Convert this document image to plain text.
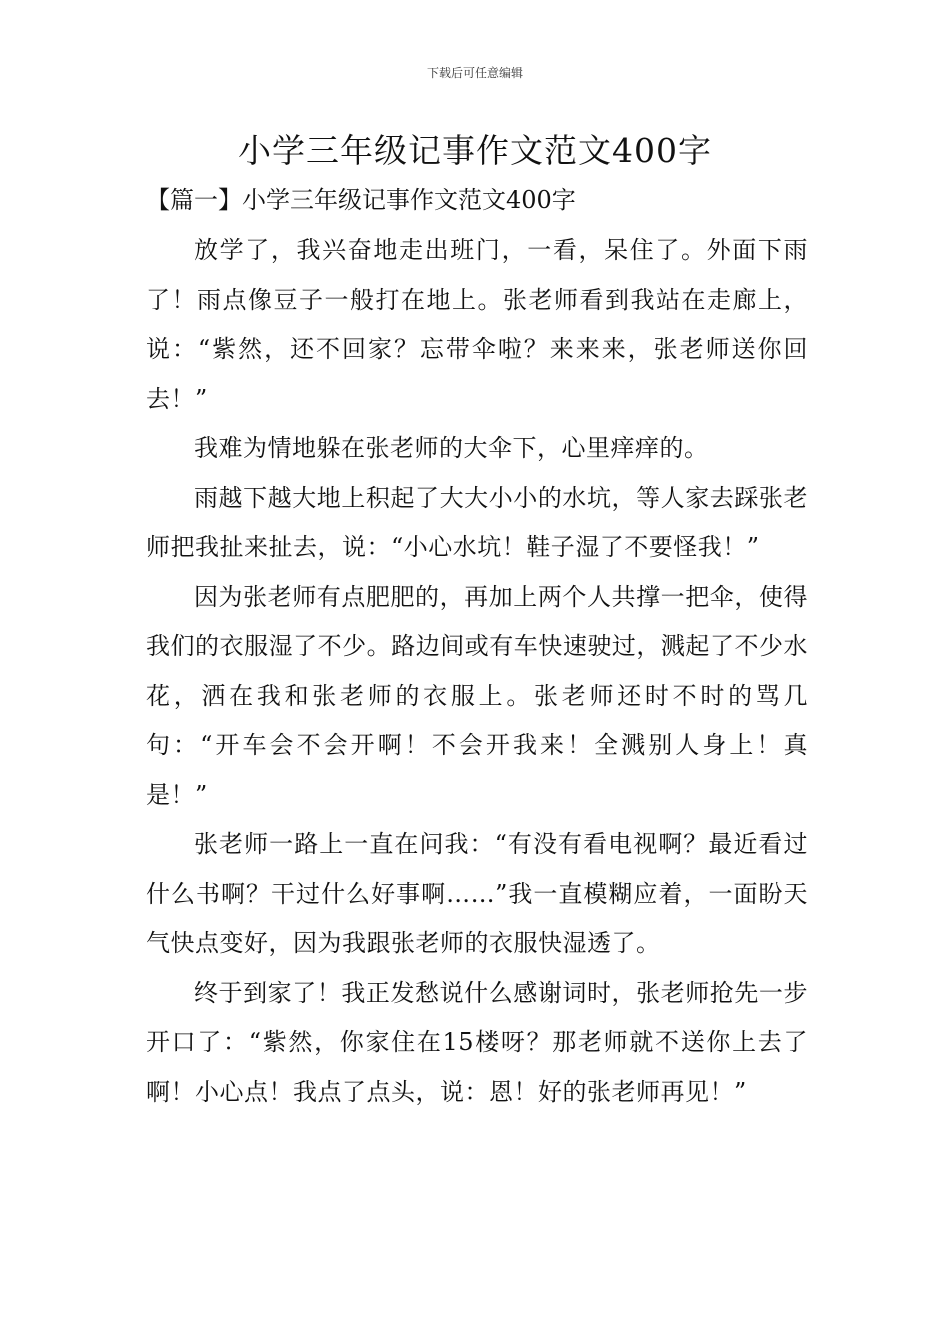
下载后可任意编辑
小学三年级记事作文范文400字
【篇一】小学三年级记事作文范文400字

放学了，我兴奋地走出班门，一看，呆住了。外面下雨了！雨点像豆子一般打在地上。张老师看到我站在走廊上，说：“紫然，还不回家？忘带伞啦？来来来，张老师送你回去！”

我难为情地躲在张老师的大伞下，心里痒痒的。

雨越下越大地上积起了大大小小的水坑，等人家去踩张老师把我扯来扯去，说：“小心水坑！鞋子湿了不要怪我！”

因为张老师有点肥肥的，再加上两个人共撑一把伞，使得我们的衣服湿了不少。路边间或有车快速驶过，溅起了不少水花，洒在我和张老师的衣服上。张老师还时不时的骂几句：“开车会不会开啊！不会开我来！全溅别人身上！真是！”

张老师一路上一直在问我：“有没有看电视啊？最近看过什么书啊？干过什么好事啊……”我一直模糊应着，一面盼天气快点变好，因为我跟张老师的衣服快湿透了。

终于到家了！我正发愁说什么感谢词时，张老师抢先一步开口了：“紫然，你家住在15楼呀？那老师就不送你上去了啊！小心点！我点了点头，说：恩！好的张老师再见！”
